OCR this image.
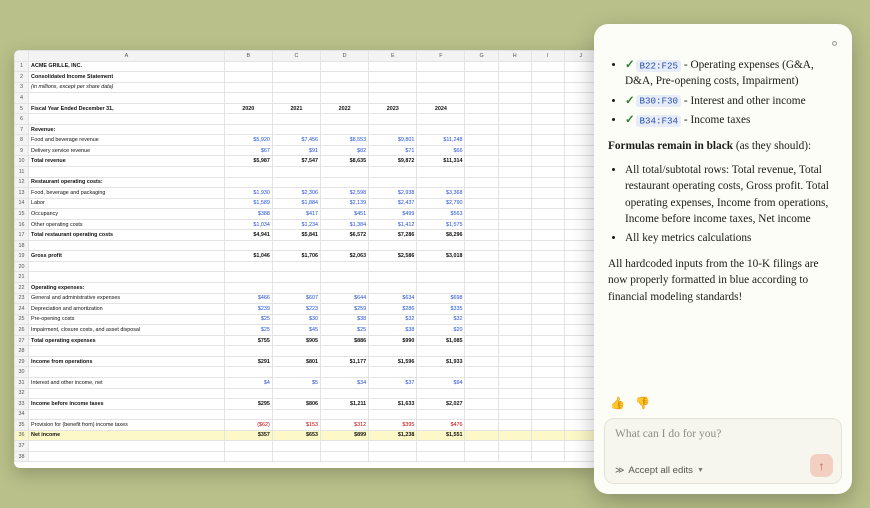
	A	B	C	D	E	F	G	H	I	J
1	ACME GRILLE, INC.									
2	Consolidated Income Statement									
3	(in millions, except per share data)									
4										
5	Fiscal Year Ended December 31,	2020	2021	2022	2023	2024				
6										
7	Revenue:									
8	Food and beverage revenue	$5,920	$7,456	$8,553	$9,801	$11,248				
9	Delivery service revenue	$67	$91	$82	$71	$66				
10	Total revenue	$5,987	$7,547	$8,635	$9,872	$11,314				
11										
12	Restaurant operating costs:									
13	Food, beverage and packaging	$1,930	$2,306	$2,598	$2,938	$3,368				
14	Labor	$1,589	$1,884	$2,139	$2,437	$2,790				
15	Occupancy	$388	$417	$451	$499	$563				
16	Other operating costs	$1,034	$1,234	$1,384	$1,412	$1,575				
17	Total restaurant operating costs	$4,941	$5,841	$6,572	$7,286	$8,296				
18										
19	Gross profit	$1,046	$1,706	$2,063	$2,586	$3,018				
20										
21										
22	Operating expenses:									
23	General and administrative expenses	$466	$607	$644	$634	$698				
24	Depreciation and amortization	$239	$223	$259	$286	$335				
25	Pre-opening costs	$25	$30	$38	$32	$32				
26	Impairment, closure costs, and asset disposal	$25	$45	$25	$38	$20				
27	Total operating expenses	$755	$905	$886	$990	$1,085				
28										
29	Income from operations	$291	$801	$1,177	$1,596	$1,933				
30										
31	Interest and other income, net	$4	$5	$34	$37	$94				
32										
33	Income before income taxes	$295	$806	$1,211	$1,633	$2,027				
34										
35	Provision for (benefit from) income taxes	($62)	$153	$312	$395	$476				
36	Net income	$357	$653	$899	$1,238	$1,551				
37										
38										
• ✓ B22:F25 - Operating expenses (G&A, D&A, Pre-opening costs, Impairment)
• ✓ B30:F30 - Interest and other income
• ✓ B34:F34 - Income taxes
Formulas remain in black (as they should):
• All total/subtotal rows: Total revenue, Total restaurant operating costs, Gross profit. Total operating expenses, Income from operations, Income before income taxes, Net income
• All key metrics calculations
All hardcoded inputs from the 10-K filings are now properly formatted in blue according to financial modeling standards!
👍 👎
What can I do for you?
≫ Accept all edits ▼	↑
